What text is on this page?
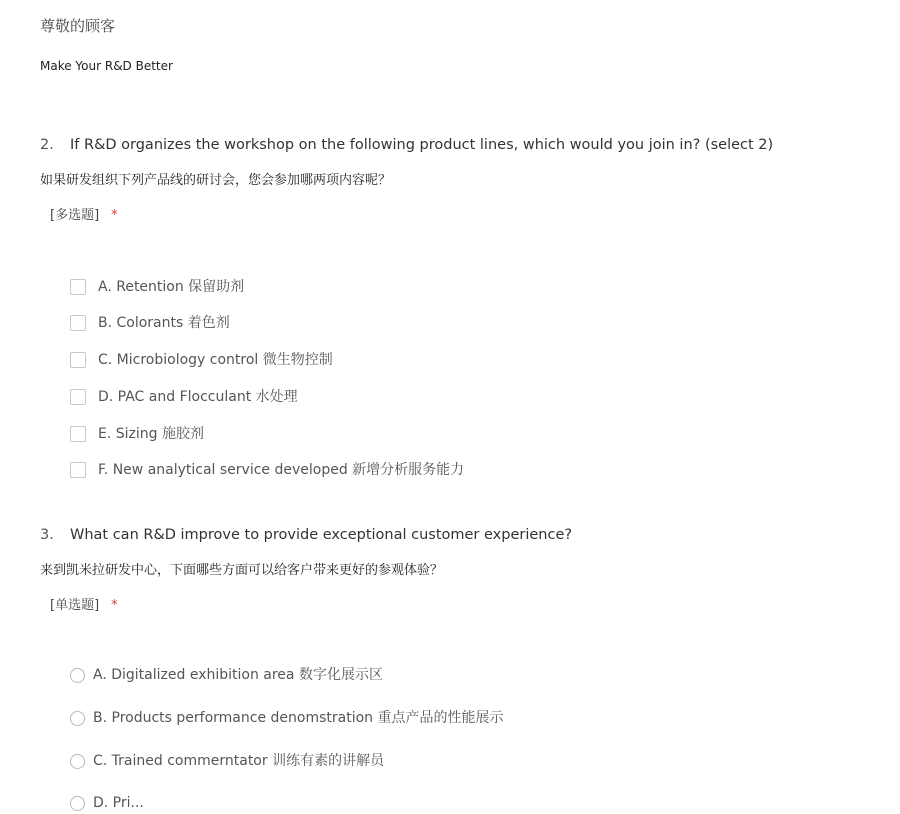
尊敬的顾客
Make Your R&D Better
2. If R&D organizes the workshop on the following product lines, which would you join in? (select 2)
如果研发组织下列产品线的研讨会，您会参加哪两项内容呢？
[多选题] *
A. Retention 保留助剂
B. Colorants 着色剂
C. Microbiology control 微生物控制
D. PAC and Flocculant 水处理
E. Sizing 施胶剂
F. New analytical service developed 新增分析服务能力
3. What can R&D improve to provide exceptional customer experience?
来到凯米拉研发中心，下面哪些方面可以给客户带来更好的参观体验？
[单选题] *
A. Digitalized exhibition area 数字化展示区
B. Products performance denomstration 重点产品的性能展示
C. Trained commerntator 训练有素的讲解员
D. Pri...
